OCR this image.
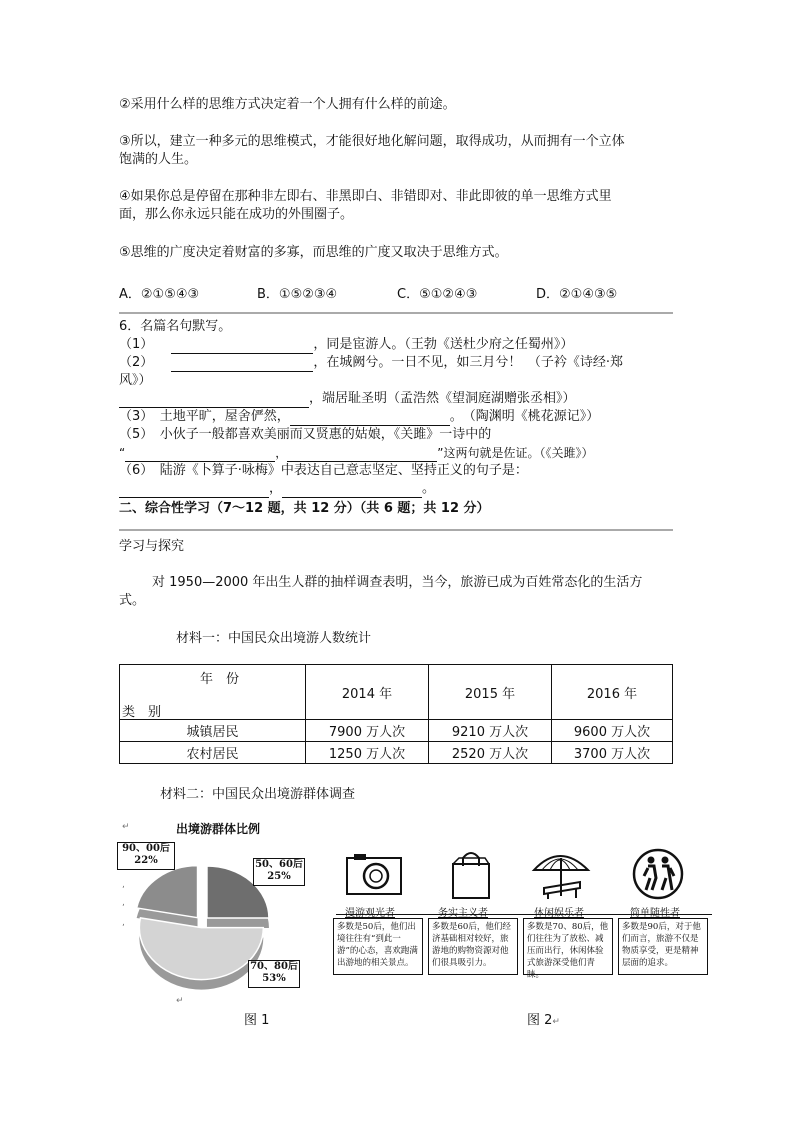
②采用什么样的思维方式决定着一个人拥有什么样的前途。
③所以，建立一种多元的思维模式，才能很好地化解问题，取得成功，从而拥有一个立体
饱满的人生。
④如果你总是停留在那种非左即右、非黑即白、非错即对、非此即彼的单一思维方式里
面，那么你永远只能在成功的外围圈子。
⑤思维的广度决定着财富的多寡，而思维的广度又取决于思维方式。
A．②①⑤④③	B．①⑤②③④	C．⑤①②④③	D．②①④③⑤
6．名篇名句默写。
（1）	，同是宦游人。（王勃《送杜少府之任蜀州》）
（2）	，在城阙兮。一日不见，如三月兮！　（子衿《诗经·郑
风》）
，端居耻圣明（孟浩然《望洞庭湖赠张丞相》）
（3）　土地平旷，屋舍俨然，	。　（陶渊明《桃花源记》）
（5）　小伙子一般都喜欢美丽而又贤惠的姑娘，《关雎》一诗中的
“	，	”这两句就是佐证。（《关雎》）
（6）　陆游《卜算子·咏梅》中表达自己意志坚定、坚持正义的句子是：
，	。
二、综合性学习（7～12 题，共 12 分）（共 6 题；共 12 分）
学习与探究
对 1950—2000 年出生人群的抽样调查表明，当今，旅游已成为百姓常态化的生活方
式。
材料一：中国民众出境游人数统计
年　份
类　别	2014 年	2015 年	2016 年
城镇居民	7900 万人次	9210 万人次	9600 万人次
农村居民	1250 万人次	2520 万人次	3700 万人次
材料二：中国民众出境游群体调查
出境游群体比例
↵
,
,
,
↵
90、00后
22%	50、60后
25%
70、80后
53%
图 1
漫游观光者	务实主义者	休闲娱乐者	简单随性者
多数是50后，他们出境往往有“到此一游”的心态，喜欢跑满出游地的相关景点。
多数是60后，他们经济基础相对较好，旅游地的购物资源对他们很具吸引力。
多数是70、80后，他们往往为了放松、减压而出行，休闲体验式旅游深受他们青睐。
多数是90后，对于他们而言，旅游不仅是物质享受，更是精神层面的追求。
图 2↵
